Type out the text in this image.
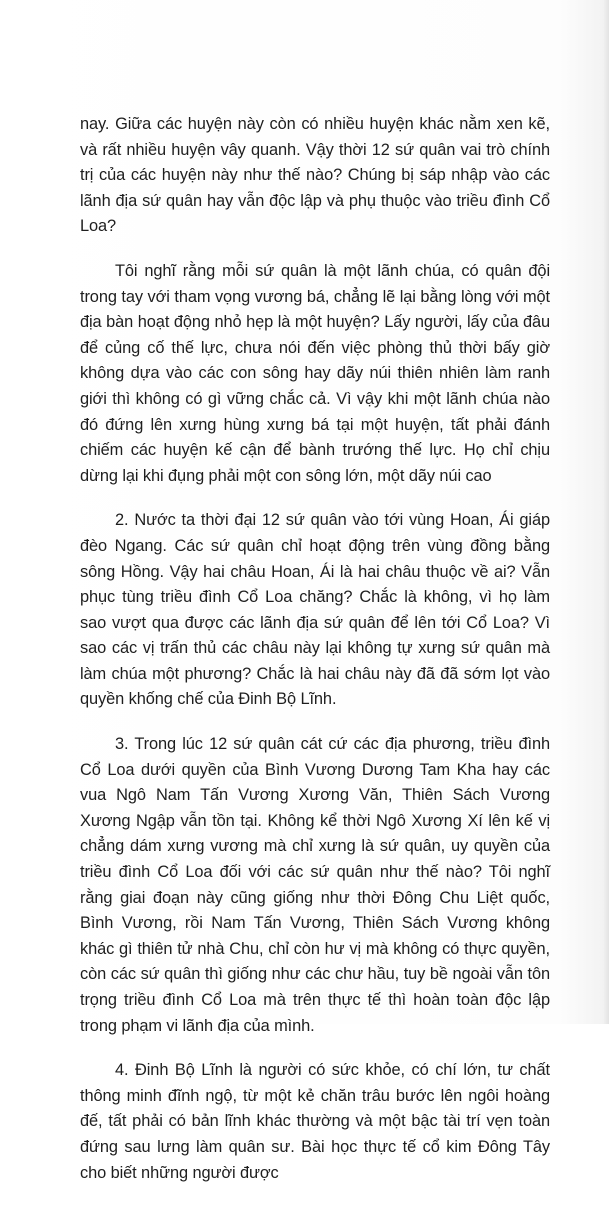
nay. Giữa các huyện này còn có nhiều huyện khác nằm xen kẽ, và rất nhiều huyện vây quanh. Vậy thời 12 sứ quân vai trò chính trị của các huyện này như thế nào? Chúng bị sáp nhập vào các lãnh địa sứ quân hay vẫn độc lập và phụ thuộc vào triều đình Cổ Loa?

Tôi nghĩ rằng mỗi sứ quân là một lãnh chúa, có quân đội trong tay với tham vọng vương bá, chẳng lẽ lại bằng lòng với một địa bàn hoạt động nhỏ hẹp là một huyện? Lấy người, lấy của đâu để củng cố thế lực, chưa nói đến việc phòng thủ thời bấy giờ không dựa vào các con sông hay dãy núi thiên nhiên làm ranh giới thì không có gì vững chắc cả. Vì vậy khi một lãnh chúa nào đó đứng lên xưng hùng xưng bá tại một huyện, tất phải đánh chiếm các huyện kế cận để bành trướng thế lực. Họ chỉ chịu dừng lại khi đụng phải một con sông lớn, một dãy núi cao

2. Nước ta thời đại 12 sứ quân vào tới vùng Hoan, Ái giáp đèo Ngang. Các sứ quân chỉ hoạt động trên vùng đồng bằng sông Hồng. Vậy hai châu Hoan, Ái là hai châu thuộc về ai? Vẫn phục tùng triều đình Cổ Loa chăng? Chắc là không, vì họ làm sao vượt qua được các lãnh địa sứ quân để lên tới Cổ Loa? Vì sao các vị trấn thủ các châu này lại không tự xưng sứ quân mà làm chúa một phương? Chắc là hai châu này đã đã sớm lọt vào quyền khống chế của Đinh Bộ Lĩnh.

3. Trong lúc 12 sứ quân cát cứ các địa phương, triều đình Cổ Loa dưới quyền của Bình Vương Dương Tam Kha hay các vua Ngô Nam Tấn Vương Xương Văn, Thiên Sách Vương Xương Ngập vẫn tồn tại. Không kể thời Ngô Xương Xí lên kế vị chẳng dám xưng vương mà chỉ xưng là sứ quân, uy quyền của triều đình Cổ Loa đối với các sứ quân như thế nào? Tôi nghĩ rằng giai đoạn này cũng giống như thời Đông Chu Liệt quốc, Bình Vương, rồi Nam Tấn Vương, Thiên Sách Vương không khác gì thiên tử nhà Chu, chỉ còn hư vị mà không có thực quyền, còn các sứ quân thì giống như các chư hầu, tuy bề ngoài vẫn tôn trọng triều đình Cổ Loa mà trên thực tế thì hoàn toàn độc lập trong phạm vi lãnh địa của mình.

4. Đinh Bộ Lĩnh là người có sức khỏe, có chí lớn, tư chất thông minh đĩnh ngộ, từ một kẻ chăn trâu bước lên ngôi hoàng đế, tất phải có bản lĩnh khác thường và một bậc tài trí vẹn toàn đứng sau lưng làm quân sư. Bài học thực tế cổ kim Đông Tây cho biết những người được
